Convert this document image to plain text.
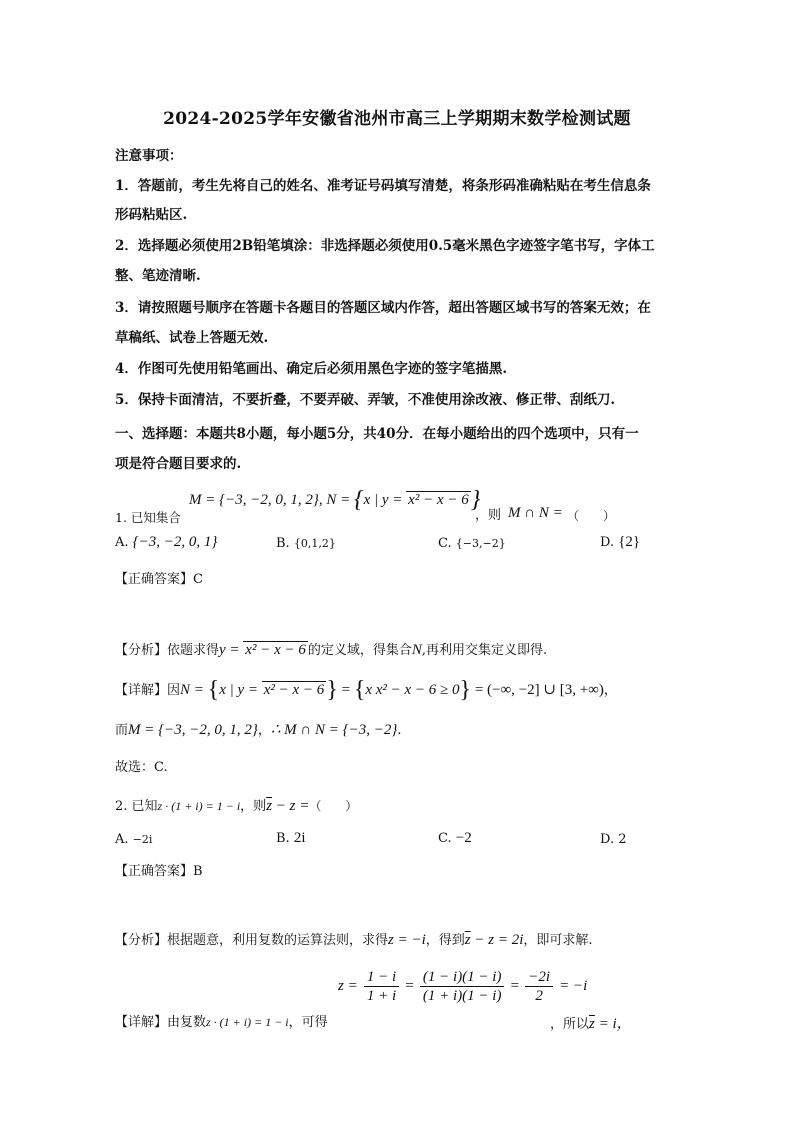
2024-2025学年安徽省池州市高三上学期期末数学检测试题
注意事项：
1．答题前，考生先将自己的姓名、准考证号码填写清楚，将条形码准确粘贴在考生信息条
形码粘贴区.
2．选择题必须使用2B铅笔填涂：非选择题必须使用0.5毫米黑色字迹签字笔书写，字体工
整、笔迹清晰.
3．请按照题号顺序在答题卡各题目的答题区域内作答，超出答题区域书写的答案无效；在
草稿纸、试卷上答题无效.
4．作图可先使用铅笔画出、确定后必须用黑色字迹的签字笔描黑.
5．保持卡面清洁，不要折叠，不要弄破、弄皱，不准使用涂改液、修正带、刮纸刀.
一、选择题：本题共8小题，每小题5分，共40分．在每小题给出的四个选项中，只有一
项是符合题目要求的.
1. 已知集合
M = {−3, −2, 0, 1, 2}, N = {x | y = x² − x − 6}
，则 M ∩ N = （　　）
A. {−3, −2, 0, 1}	B. {0,1,2}	C. {−3,−2}	D. {2}
【正确答案】C
【分析】依题求得y = x² − x − 6 的定义域，得集合N,再利用交集定义即得.
【详解】因N = {x | y = x² − x − 6} = {x x² − x − 6 ≥ 0} = (−∞, −2] ∪ [3, +∞)，
而M = {−3, −2, 0, 1, 2}，∴ M ∩ N = {−3, −2}.
故选：C.
2. 已知z · (1 + i) = 1 − i，则$\overline{z} - z$ =（　　）
A. −2i	B. 2i	C. −2	D. 2
【正确答案】B
【分析】根据题意，利用复数的运算法则，求得z = −i，得到$\overline{z} - z = 2i$，即可求解.
【详解】由复数z · (1 + i) = 1 − i，可得
$z = \frac{1 - i}{1 + i} = \frac{(1 - i)(1 - i)}{(1 + i)(1 - i)} = \frac{-2i}{2} = -i$
，所以$\overline{z} = i$，
